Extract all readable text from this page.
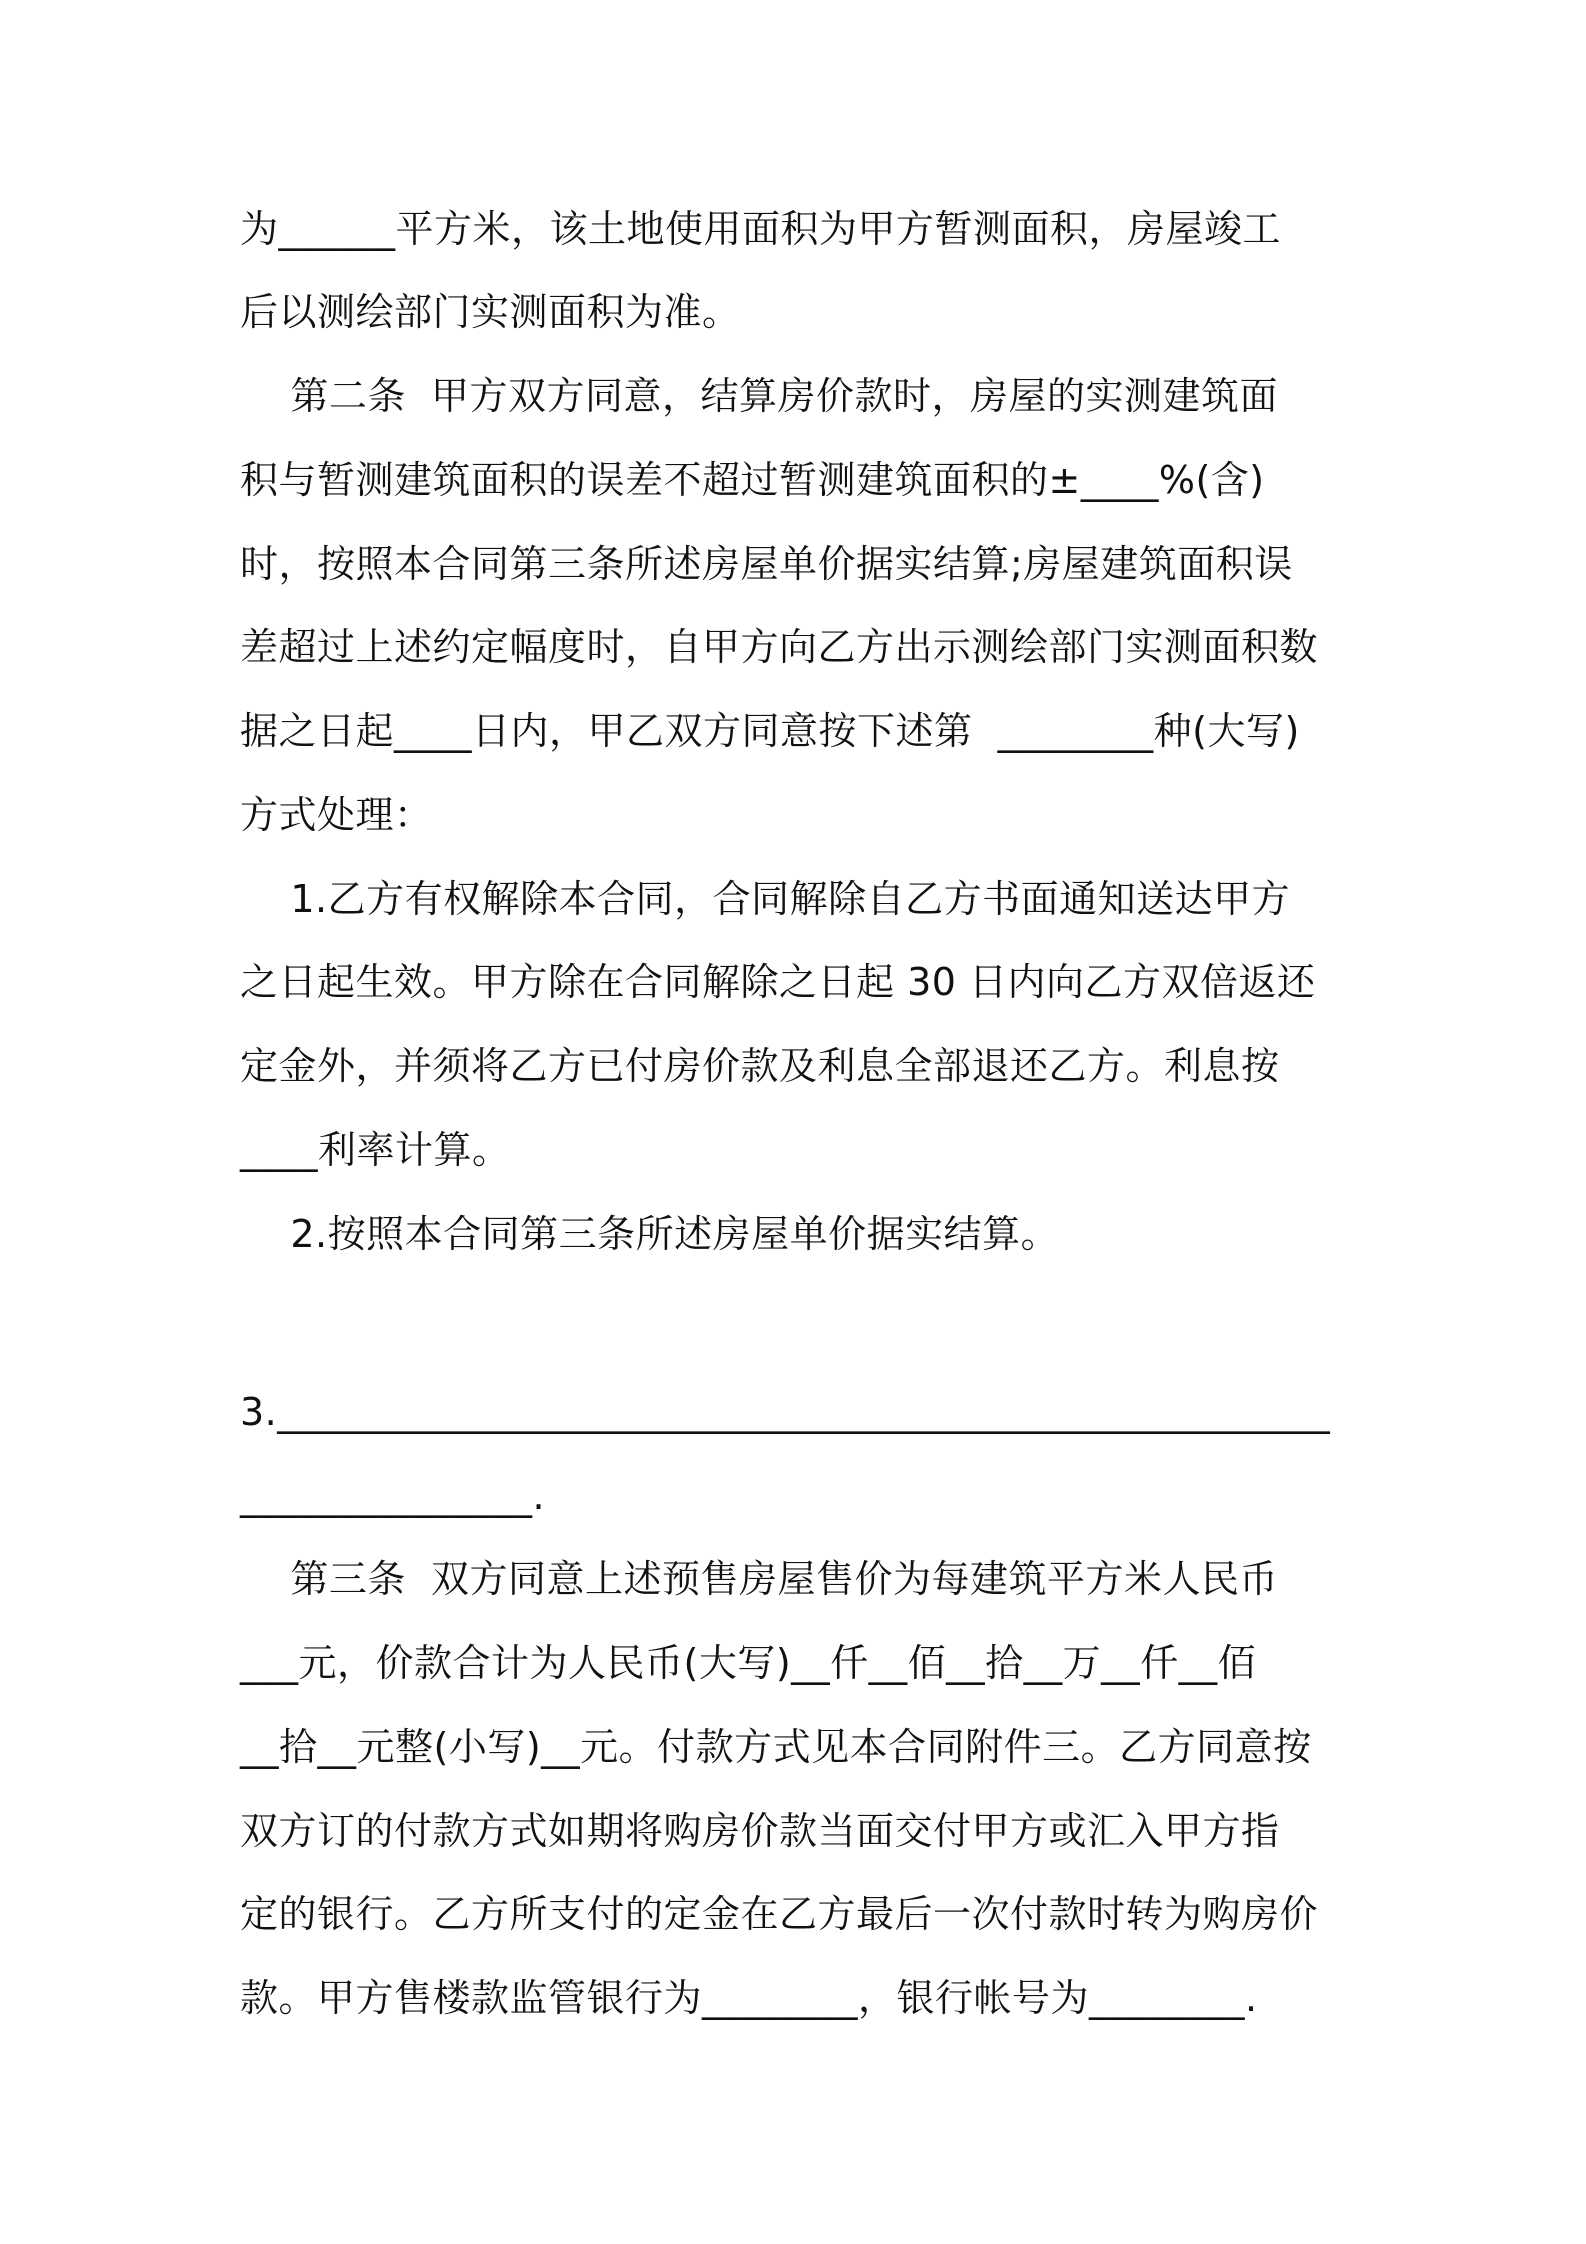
为______平方米，该土地使用面积为甲方暂测面积，房屋竣工
后以测绘部门实测面积为准。
第二条  甲方双方同意，结算房价款时，房屋的实测建筑面
积与暂测建筑面积的误差不超过暂测建筑面积的±____%(含)
时，按照本合同第三条所述房屋单价据实结算;房屋建筑面积误
差超过上述约定幅度时，自甲方向乙方出示测绘部门实测面积数
据之日起____日内，甲乙双方同意按下述第  ________种(大写)
方式处理：
1.乙方有权解除本合同，合同解除自乙方书面通知送达甲方
之日起生效。甲方除在合同解除之日起 30 日内向乙方双倍返还
定金外，并须将乙方已付房价款及利息全部退还乙方。利息按
____利率计算。
2.按照本合同第三条所述房屋单价据实结算。
3.______________________________________________________
_______________.
第三条  双方同意上述预售房屋售价为每建筑平方米人民币
___元，价款合计为人民币(大写)__仟__佰__拾__万__仟__佰
__拾__元整(小写)__元。付款方式见本合同附件三。乙方同意按
双方订的付款方式如期将购房价款当面交付甲方或汇入甲方指
定的银行。乙方所支付的定金在乙方最后一次付款时转为购房价
款。甲方售楼款监管银行为________，银行帐号为________.
